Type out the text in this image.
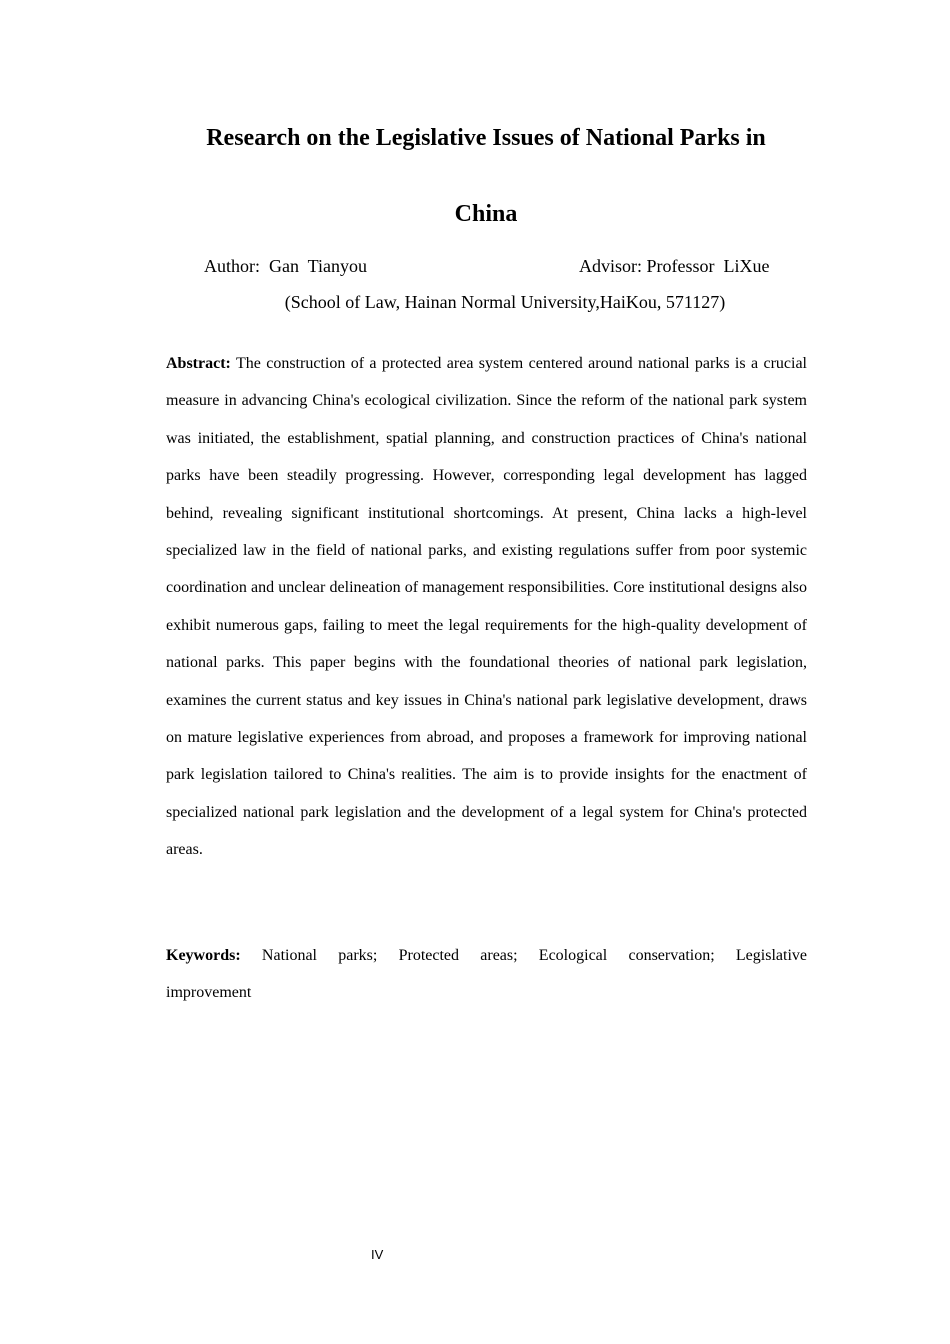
Research on the Legislative Issues of National Parks in
China
Author:  Gan  Tianyou	Advisor: Professor  LiXue
(School of Law, Hainan Normal University,HaiKou, 571127)

Abstract: The construction of a protected area system centered around national parks is a crucial measure in advancing China's ecological civilization. Since the reform of the national park system was initiated, the establishment, spatial planning, and construction practices of China's national parks have been steadily progressing. However, corresponding legal development has lagged behind, revealing significant institutional shortcomings. At present, China lacks a high-level specialized law in the field of national parks, and existing regulations suffer from poor systemic coordination and unclear delineation of management responsibilities. Core institutional designs also exhibit numerous gaps, failing to meet the legal requirements for the high-quality development of national parks. This paper begins with the foundational theories of national park legislation, examines the current status and key issues in China's national park legislative development, draws on mature legislative experiences from abroad, and proposes a framework for improving national park legislation tailored to China's realities. The aim is to provide insights for the enactment of specialized national park legislation and the development of a legal system for China's protected areas.

Keywords: National parks; Protected areas; Ecological conservation; Legislative improvement

IV
